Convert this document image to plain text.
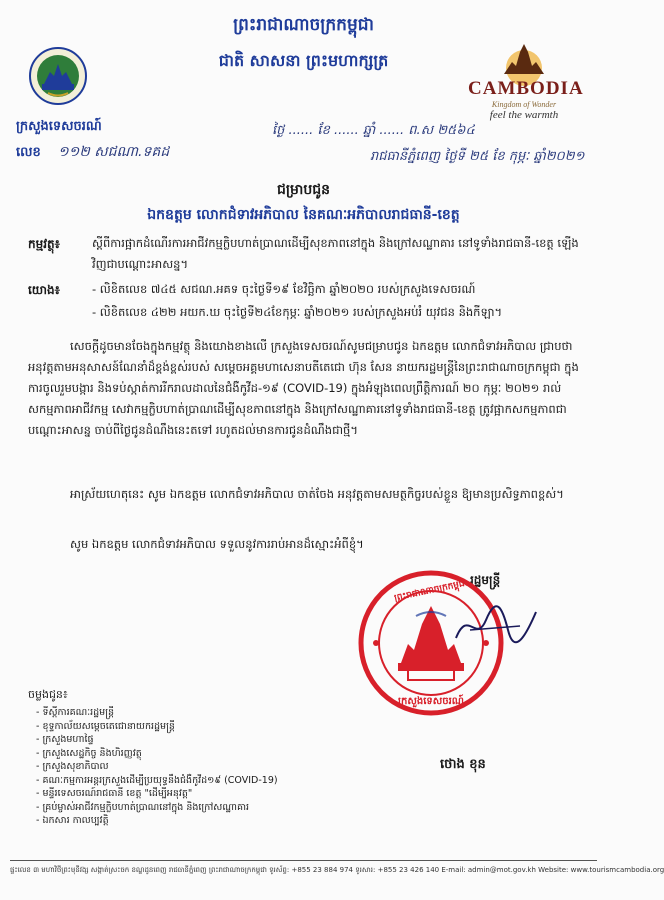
ព្រះរាជាណាចក្រកម្ពុជា
ជាតិ សាសនា ព្រះមហាក្សត្រ
CAMBODIA
Kingdom of Wonder
feel the warmth
ក្រសួងទេសចរណ៍
លេខ ១១២ សជណា.ទគដ
ថ្ងៃ ...... ខែ ...... ឆ្នាំ ...... ព.ស ២៥៦៤
រាជធានីភ្នំពេញ ថ្ងៃទី ២៥ ខែ កុម្ភៈ ឆ្នាំ២០២១
ជម្រាបជូន
ឯកឧត្តម លោកជំទាវអភិបាល នៃគណៈអភិបាលរាជធានី-ខេត្ត
កម្មវត្ថុ៖	ស្តីពីការផ្អាកដំណើរការអាជីវកម្មក្លិបហាត់ប្រាណដើម្បីសុខភាពនៅក្នុង និងក្រៅសណ្ឋាគារ នៅទូទាំងរាជធានី-ខេត្ត ឡើងវិញជាបណ្តោះអាសន្ន។
យោង៖	- លិខិតលេខ ៧៤៥ សជណ.អគទ ចុះថ្ងៃទី១៩ ខែវិច្ឆិកា ឆ្នាំ២០២០ របស់ក្រសួងទេសចរណ៍
- លិខិតលេខ ៤២២ អយក.ឃ ចុះថ្ងៃទី២៤ខែកុម្ភៈ ឆ្នាំ២០២១ របស់ក្រសួងអប់រំ យុវជន និងកីឡា។
សេចក្តីដូចមានចែងក្នុងកម្មវត្ថុ និងយោងខាងលើ ក្រសួងទេសចរណ៍សូមជម្រាបជូន ឯកឧត្តម លោកជំទាវអភិបាល ជ្រាបថា អនុវត្តតាមអនុសាសន៍ណែនាំដ៏ខ្ពង់ខ្ពស់របស់ សម្តេចអគ្គមហាសេនាបតីតេជោ ហ៊ុន សែន នាយករដ្ឋមន្ត្រីនៃព្រះរាជាណាចក្រកម្ពុជា ក្នុងការចូលរួមបង្ការ និងទប់ស្កាត់ការរីករាលដាលនៃជំងឺកូវីដ-១៩ (COVID-19) ក្នុងអំឡុងពេលព្រឹត្តិការណ៍ ២០ កុម្ភៈ ២០២១ រាល់សកម្មភាពអាជីវកម្ម សេវាកម្មក្លិបហាត់ប្រាណដើម្បីសុខភាពនៅក្នុង និងក្រៅសណ្ឋាគារនៅទូទាំងរាជធានី-ខេត្ត ត្រូវផ្អាកសកម្មភាពជាបណ្តោះអាសន្ន ចាប់ពីថ្ងៃជូនដំណឹងនេះតទៅ រហូតដល់មានការជូនដំណឹងជាថ្មី។
អាស្រ័យហេតុនេះ សូម ឯកឧត្តម លោកជំទាវអភិបាល ចាត់ចែង អនុវត្តតាមសមត្ថកិច្ចរបស់ខ្លួន ឱ្យមានប្រសិទ្ធភាពខ្ពស់។
សូម ឯកឧត្តម លោកជំទាវអភិបាល ទទួលនូវការរាប់អានដ៏ស្មោះអំពីខ្ញុំ។
រដ្ឋមន្ត្រី
ព្រះរាជាណាចក្រកម្ពុជា
ក្រសួងទេសចរណ៍
ថោង ខុន
ចម្លងជូន៖
- ទីស្តីការគណៈរដ្ឋមន្ត្រី
- ខុទ្ទកាល័យសម្តេចតេជោនាយករដ្ឋមន្ត្រី
- ក្រសួងមហាផ្ទៃ
- ក្រសួងសេដ្ឋកិច្ច និងហិរញ្ញវត្ថុ
- ក្រសួងសុខាភិបាល
- គណៈកម្មការអន្តរក្រសួងដើម្បីប្រយុទ្ធនឹងជំងឺកូវីដ១៩ (COVID-19)
- មន្ទីរទេសចរណ៍រាជធានី ខេត្ត "ដើម្បីអនុវត្ត"
- គ្រប់ម្ចាស់អាជីវកម្មក្លិបហាត់ប្រាណនៅក្នុង និងក្រៅសណ្ឋាគារ
- ឯកសារ កាលប្បវត្តិ
ផ្ទះលេខ ៣ មហាវិថីព្រះមុនីវង្ស សង្កាត់ស្រះចក ខណ្ឌដូនពេញ រាជធានីភ្នំពេញ ព្រះរាជាណាចក្រកម្ពុជា ទូរស័ព្ទ: +855 23 884 974 ទូរសារ: +855 23 426 140 E-mail: admin@mot.gov.kh Website: www.tourismcambodia.org
